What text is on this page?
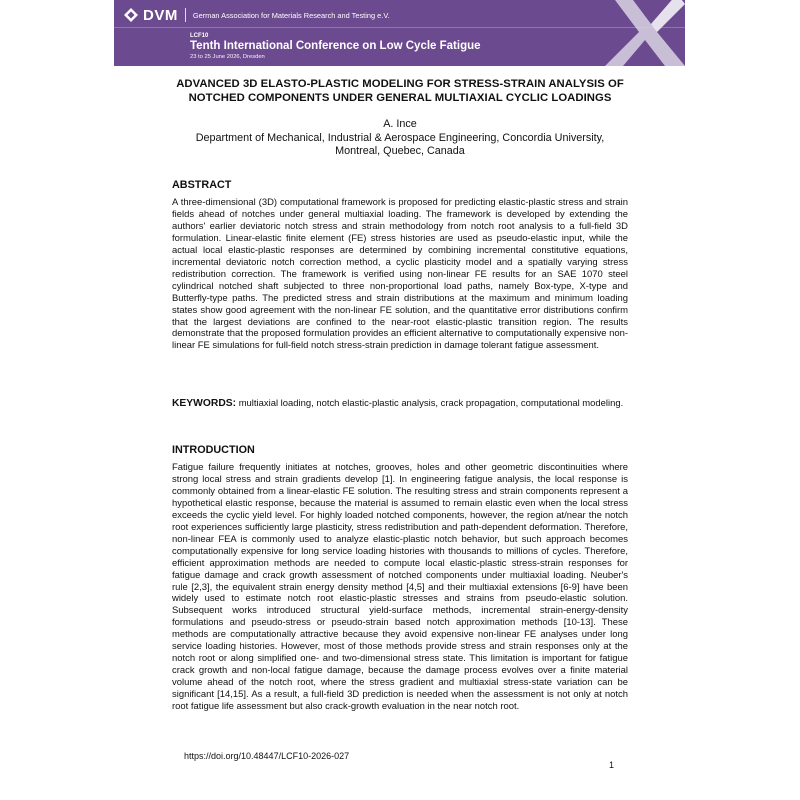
DVM German Association for Materials Research and Testing e.V.
LCF10
Tenth International Conference on Low Cycle Fatigue
23 to 25 June 2026, Dresden
ADVANCED 3D ELASTO-PLASTIC MODELING FOR STRESS-STRAIN ANALYSIS OF
NOTCHED COMPONENTS UNDER GENERAL MULTIAXIAL CYCLIC LOADINGS
A. Ince
Department of Mechanical, Industrial & Aerospace Engineering, Concordia University,
Montreal, Quebec, Canada
ABSTRACT
A three-dimensional (3D) computational framework is proposed for predicting elastic-plastic stress and strain fields ahead of notches under general multiaxial loading. The framework is developed by extending the authors' earlier deviatoric notch stress and strain methodology from notch root analysis to a full-field 3D formulation. Linear-elastic finite element (FE) stress histories are used as pseudo-elastic input, while the actual local elastic-plastic responses are determined by combining incremental constitutive equations, incremental deviatoric notch correction method, a cyclic plasticity model and a spatially varying stress redistribution correction. The framework is verified using non-linear FE results for an SAE 1070 steel cylindrical notched shaft subjected to three non-proportional load paths, namely Box-type, X-type and Butterfly-type paths. The predicted stress and strain distributions at the maximum and minimum loading states show good agreement with the non-linear FE solution, and the quantitative error distributions confirm that the largest deviations are confined to the near-root elastic-plastic transition region. The results demonstrate that the proposed formulation provides an efficient alternative to computationally expensive non-linear FE simulations for full-field notch stress-strain prediction in damage tolerant fatigue assessment.
KEYWORDS: multiaxial loading, notch elastic-plastic analysis, crack propagation, computational modeling.
INTRODUCTION
Fatigue failure frequently initiates at notches, grooves, holes and other geometric discontinuities where strong local stress and strain gradients develop [1]. In engineering fatigue analysis, the local response is commonly obtained from a linear-elastic FE solution. The resulting stress and strain components represent a hypothetical elastic response, because the material is assumed to remain elastic even when the local stress exceeds the cyclic yield level. For highly loaded notched components, however, the region at/near the notch root experiences sufficiently large plasticity, stress redistribution and path-dependent deformation. Therefore, non-linear FEA is commonly used to analyze elastic-plastic notch behavior, but such approach becomes computationally expensive for long service loading histories with thousands to millions of cycles. Therefore, efficient approximation methods are needed to compute local elastic-plastic stress-strain responses for fatigue damage and crack growth assessment of notched components under multiaxial loading. Neuber's rule [2,3], the equivalent strain energy density method [4,5] and their multiaxial extensions [6-9] have been widely used to estimate notch root elastic-plastic stresses and strains from pseudo-elastic solution. Subsequent works introduced structural yield-surface methods, incremental strain-energy-density formulations and pseudo-stress or pseudo-strain based notch approximation methods [10-13]. These methods are computationally attractive because they avoid expensive non-linear FE analyses under long service loading histories. However, most of those methods provide stress and strain responses only at the notch root or along simplified one- and two-dimensional stress state. This limitation is important for fatigue crack growth and non-local fatigue damage, because the damage process evolves over a finite material volume ahead of the notch root, where the stress gradient and multiaxial stress-state variation can be significant [14,15]. As a result, a full-field 3D prediction is needed when the assessment is not only at notch root fatigue life assessment but also crack-growth evaluation in the near notch root.
https://doi.org/10.48447/LCF10-2026-027
1
